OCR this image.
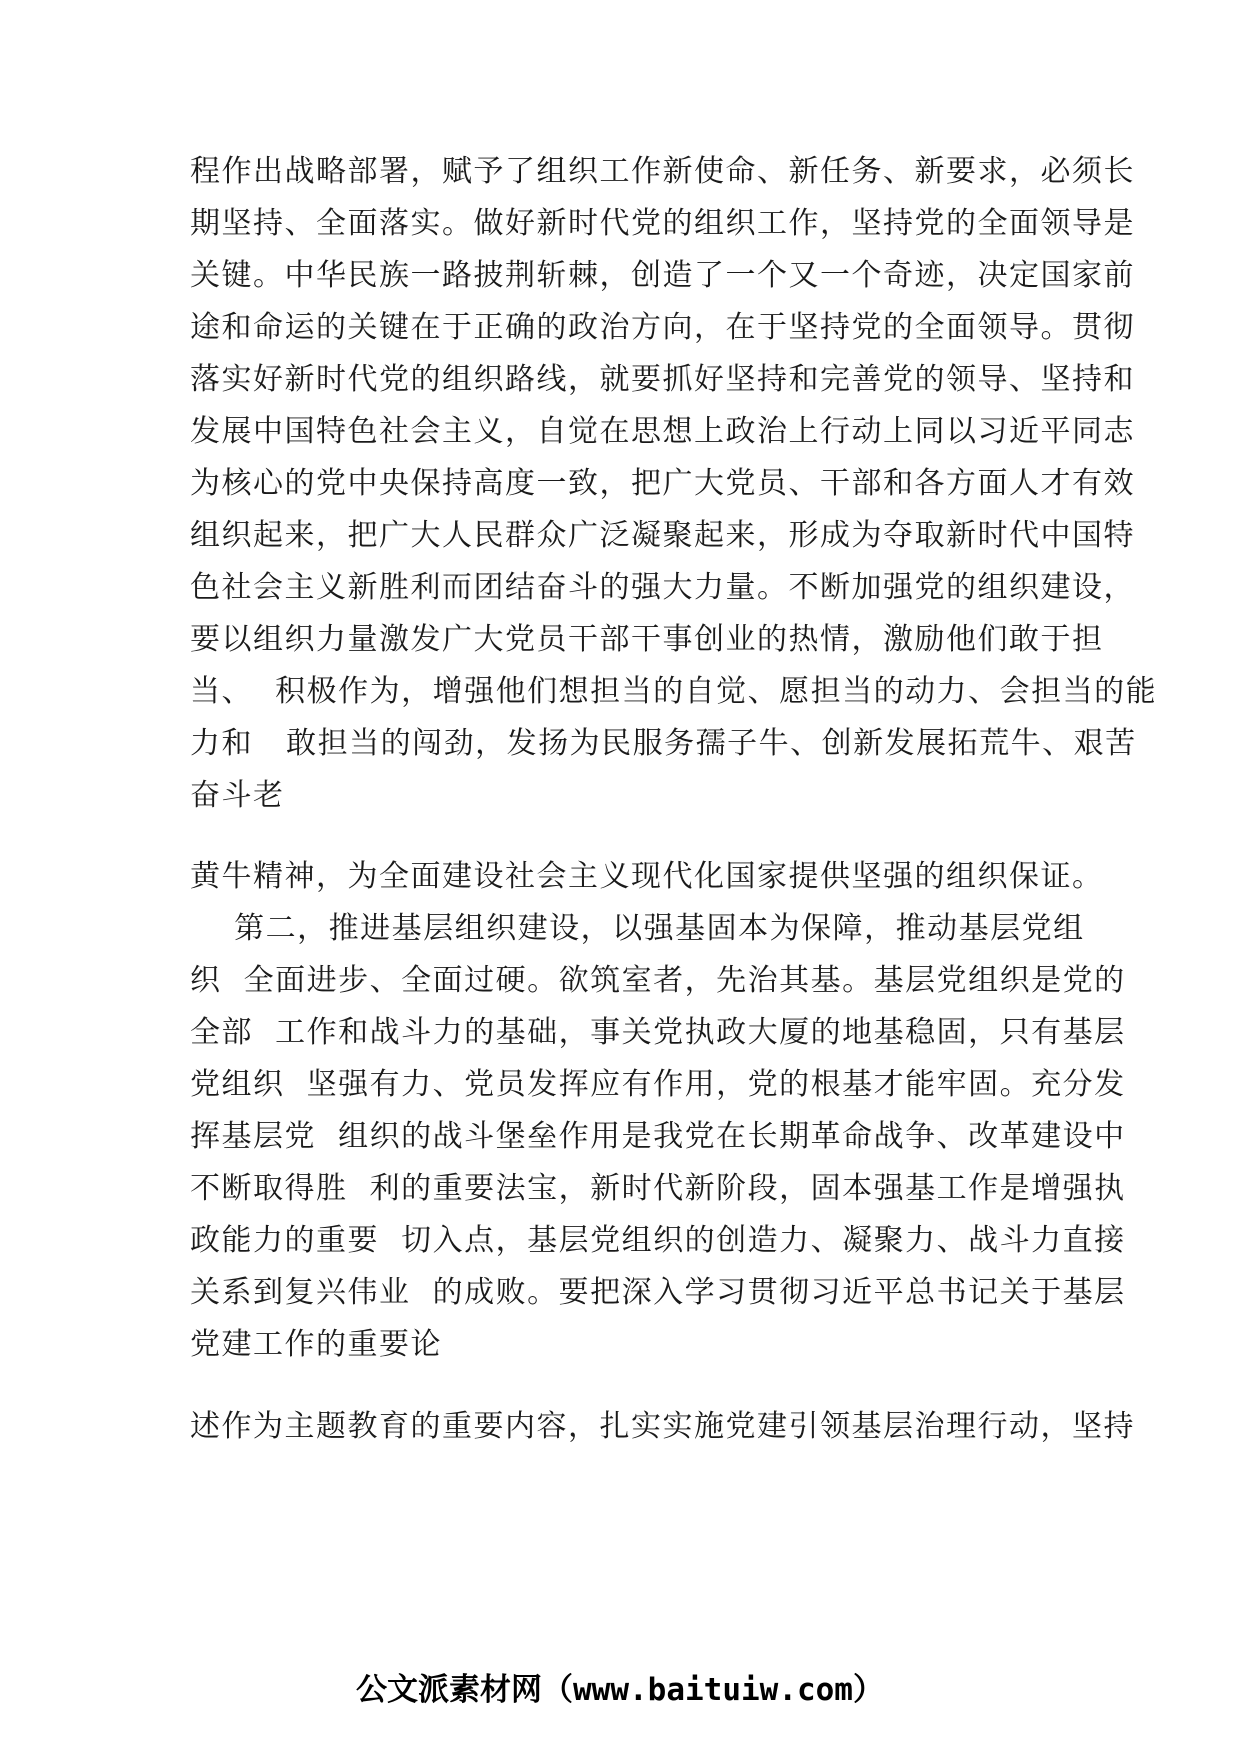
程作出战略部署，赋予了组织工作新使命、新任务、新要求，必须长
期坚持、全面落实。做好新时代党的组织工作，坚持党的全面领导是
关键。中华民族一路披荆斩棘，创造了一个又一个奇迹，决定国家前
途和命运的关键在于正确的政治方向，在于坚持党的全面领导。贯彻
落实好新时代党的组织路线，就要抓好坚持和完善党的领导、坚持和
发展中国特色社会主义，自觉在思想上政治上行动上同以习近平同志
为核心的党中央保持高度一致，把广大党员、干部和各方面人才有效
组织起来，把广大人民群众广泛凝聚起来，形成为夺取新时代中国特
色社会主义新胜利而团结奋斗的强大力量。不断加强党的组织建设，
要以组织力量激发广大党员干部干事创业的热情，激励他们敢于担
当、  积极作为，增强他们想担当的自觉、愿担当的动力、会担当的能
力和   敢担当的闯劲，发扬为民服务孺子牛、创新发展拓荒牛、艰苦
奋斗老
黄牛精神，为全面建设社会主义现代化国家提供坚强的组织保证。
第二，推进基层组织建设，以强基固本为保障，推动基层党组
织  全面进步、全面过硬。欲筑室者，先治其基。基层党组织是党的
全部  工作和战斗力的基础，事关党执政大厦的地基稳固，只有基层
党组织  坚强有力、党员发挥应有作用，党的根基才能牢固。充分发
挥基层党  组织的战斗堡垒作用是我党在长期革命战争、改革建设中
不断取得胜  利的重要法宝，新时代新阶段，固本强基工作是增强执
政能力的重要  切入点，基层党组织的创造力、凝聚力、战斗力直接
关系到复兴伟业  的成败。要把深入学习贯彻习近平总书记关于基层
党建工作的重要论
述作为主题教育的重要内容，扎实实施党建引领基层治理行动，坚持
公文派素材网（www.baituiw.com）
